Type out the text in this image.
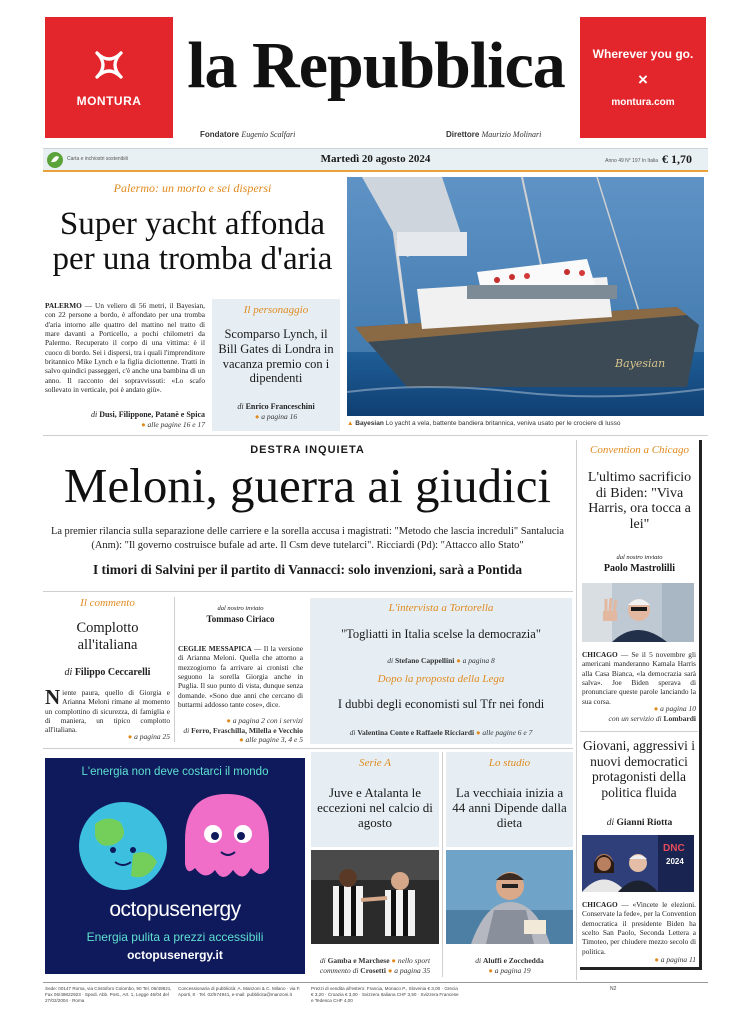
MONTURA la Repubblica
Fondatore Eugenio Scalfari	Direttore Maurizio Molinari
Wherever you go.
×
montura.com
Carta e inchiostri sostenibili	Martedì 20 agosto 2024	Anno 49 N° 197 In Italia € 1,70
Palermo: un morto e sei dispersi
Super yacht affonda
per una tromba d'aria
PALERMO — Un veliero di 56 metri, il Bayesian, con 22 persone a bordo, è affondato per una tromba d'aria intorno alle quattro del mattino nel tratto di mare davanti a Porticello, a pochi chilometri da Palermo. Recuperato il corpo di una vittima: è il cuoco di bordo. Sei i dispersi, tra i quali l'imprenditore britannico Mike Lynch e la figlia diciottenne. Tratti in salvo quindici passeggeri, c'è anche una bambina di un anno. Il racconto dei sopravvissuti: «Lo scafo sollevato in verticale, poi è andato giù».
di Dusi, Filippone, Patanè e Spica
● alle pagine 16 e 17
Il personaggio
Scomparso Lynch, il Bill Gates di Londra in vacanza premio con i dipendenti
di Enrico Franceschini
● a pagina 16
Bayesian
▲ Bayesian Lo yacht a vela, battente bandiera britannica, veniva usato per le crociere di lusso
DESTRA INQUIETA
Meloni, guerra ai giudici
La premier rilancia sulla separazione delle carriere e la sorella accusa i magistrati: "Metodo che lascia increduli" Santalucia (Anm): "Il governo costruisce bufale ad arte. Il Csm deve tutelarci". Ricciardi (Pd): "Attacco allo Stato"
I timori di Salvini per il partito di Vannacci: solo invenzioni, sarà a Pontida
Il commento
Complotto all'italiana
di Filippo Ceccarelli
Niente paura, quello di Giorgia e Arianna Meloni rimane al momento un complottino di sicurezza, di famiglia e di maniera, un tipico complotto all'italiana.
● a pagina 25
dal nostro inviato
Tommaso Ciriaco
CEGLIE MESSAPICA — Il la versione di Arianna Meloni. Quella che attorno a mezzogiorno fa arrivare ai cronisti che seguono la sorella Giorgia anche in Puglia. Il suo punto di vista, dunque senza domande. «Sono due anni che cercano di buttarmi addosso tante cose», dice.
● a pagina 2 con i servizi
di Ferro, Fraschilla, Milella e Vecchio
● alle pagine 3, 4 e 5
L'intervista a Tortorella
"Togliatti in Italia scelse la democrazia"
di Stefano Cappellini ● a pagina 8
Dopo la proposta della Lega
I dubbi degli economisti sul Tfr nei fondi
di Valentina Conte e Raffaele Ricciardi ● alle pagine 6 e 7
Convention a Chicago
L'ultimo sacrificio di Biden: "Viva Harris, ora tocca a lei"
dal nostro inviato
Paolo Mastrolilli
CHICAGO — Se il 5 novembre gli americani manderanno Kamala Harris alla Casa Bianca, «la democrazia sarà salva». Joe Biden sperava di pronunciare queste parole lanciando la sua corsa.
● a pagina 10
con un servizio di Lombardi
Giovani, aggressivi i nuovi democratici protagonisti della politica fluida
di Gianni Riotta
DNC
2024
CHICAGO — «Vincete le elezioni. Conservate la fede», per la Convention democratica il presidente Biden ha scelto San Paolo, Seconda Lettera a Timoteo, per chiudere mezzo secolo di politica.
● a pagina 11
L'energia non deve costarci il mondo
octopusenergy
Energia pulita a prezzi accessibili
octopusenergy.it
Serie A
Juve e Atalanta le eccezioni nel calcio di agosto
di Gamba e Marchese ● nello sport
commento di Crosetti ● a pagina 35
Lo studio
La vecchiaia inizia a 44 anni Dipende dalla dieta
di Aluffi e Zocchedda
● a pagina 19
Sede: 00147 Roma, via Cristoforo Colombo, 90 Tel. 06/49821, Fax 06/49822923 · Spedi. Abb. Post., Art. 1, Legge 46/04 del 27/02/2004 · Roma
Concessionaria di pubblicità: A. Manzoni & C. Milano · via F. Aporti, 8 · Tel. 02/574941, e-mail: pubblicita@manzoni.it
Prezzi di vendita all'estero: Francia, Monaco P., Slovenia € 3,00 · Grecia € 3,20 · Croazia € 3,00 · Svizzera Italiana CHF 3,50 · Svizzera Francese e Tedesca CHF 4,00
N2
